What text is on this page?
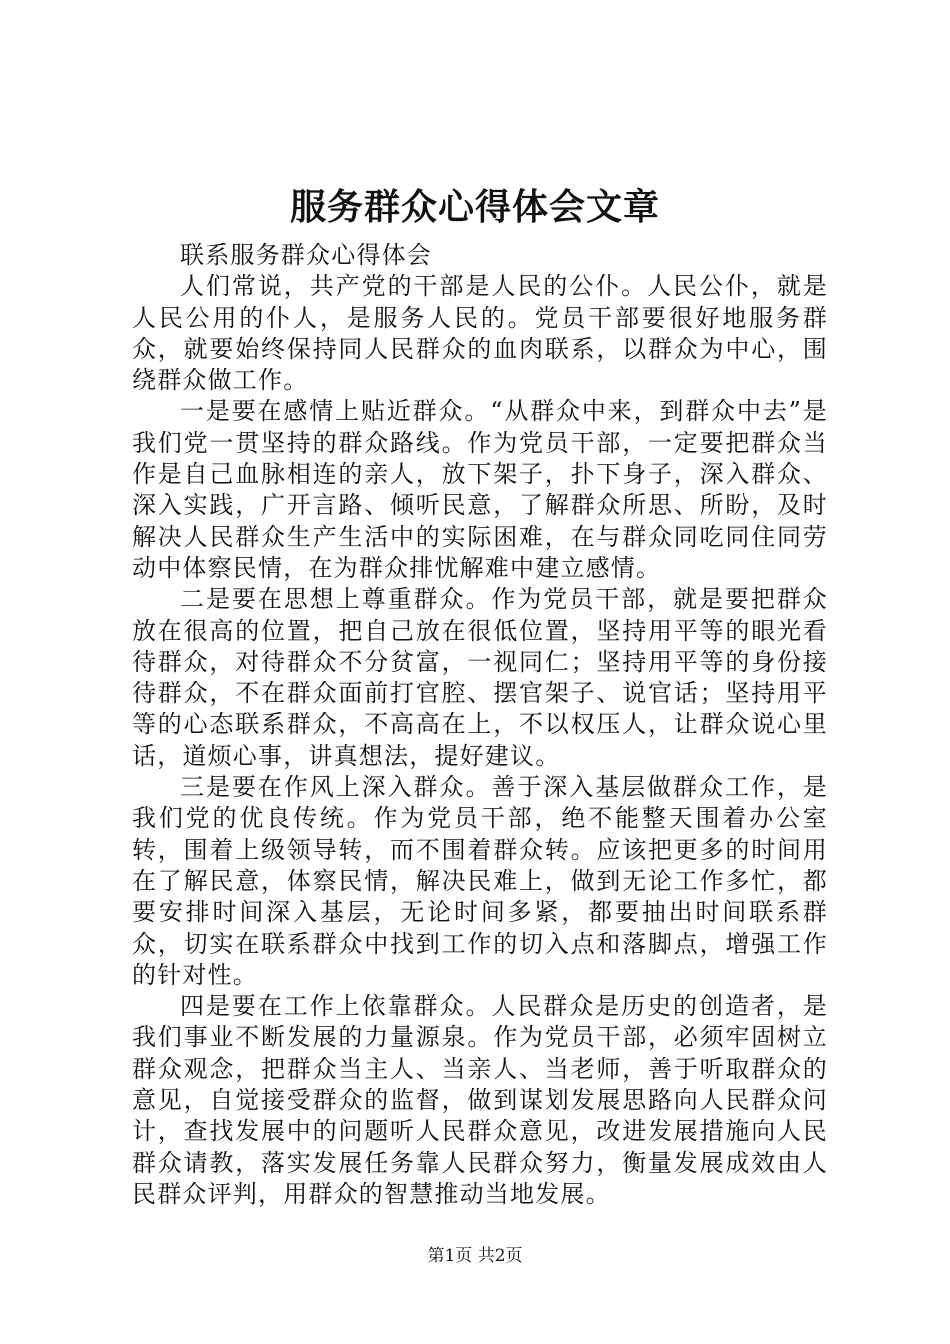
服务群众心得体会文章

联系服务群众心得体会

人们常说，共产党的干部是人民的公仆。人民公仆，就是人民公用的仆人，是服务人民的。党员干部要很好地服务群众，就要始终保持同人民群众的血肉联系，以群众为中心，围绕群众做工作。

一是要在感情上贴近群众。“从群众中来，到群众中去”是我们党一贯坚持的群众路线。作为党员干部，一定要把群众当作是自己血脉相连的亲人，放下架子，扑下身子，深入群众、深入实践，广开言路、倾听民意，了解群众所思、所盼，及时解决人民群众生产生活中的实际困难，在与群众同吃同住同劳动中体察民情，在为群众排忧解难中建立感情。

二是要在思想上尊重群众。作为党员干部，就是要把群众放在很高的位置，把自己放在很低位置，坚持用平等的眼光看待群众，对待群众不分贫富，一视同仁；坚持用平等的身份接待群众，不在群众面前打官腔、摆官架子、说官话；坚持用平等的心态联系群众，不高高在上，不以权压人，让群众说心里话，道烦心事，讲真想法，提好建议。

三是要在作风上深入群众。善于深入基层做群众工作，是我们党的优良传统。作为党员干部，绝不能整天围着办公室转，围着上级领导转，而不围着群众转。应该把更多的时间用在了解民意，体察民情，解决民难上，做到无论工作多忙，都要安排时间深入基层，无论时间多紧，都要抽出时间联系群众，切实在联系群众中找到工作的切入点和落脚点，增强工作的针对性。

四是要在工作上依靠群众。人民群众是历史的创造者，是我们事业不断发展的力量源泉。作为党员干部，必须牢固树立群众观念，把群众当主人、当亲人、当老师，善于听取群众的意见，自觉接受群众的监督，做到谋划发展思路向人民群众问计，查找发展中的问题听人民群众意见，改进发展措施向人民群众请教，落实发展任务靠人民群众努力，衡量发展成效由人民群众评判，用群众的智慧推动当地发展。

第1页 共2页
